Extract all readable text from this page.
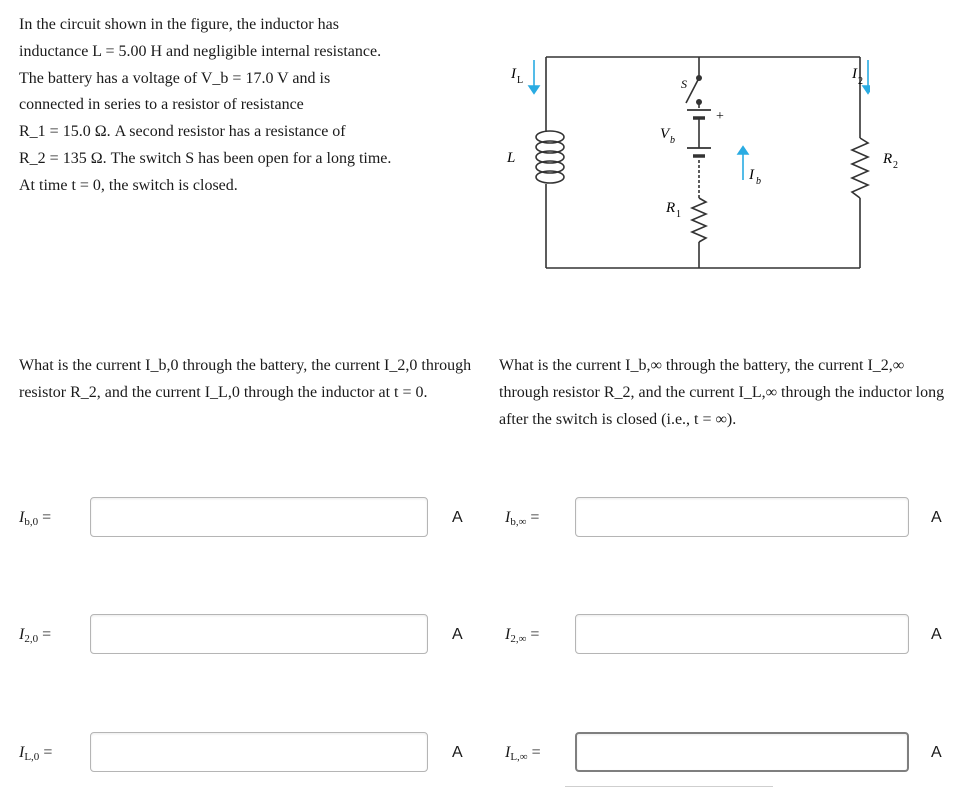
In the circuit shown in the figure, the inductor has
inductance L = 5.00 H and negligible internal resistance.
The battery has a voltage of V_b = 17.0 V and is
connected in series to a resistor of resistance
R_1 = 15.0 Ω. A second resistor has a resistance of
R_2 = 135 Ω. The switch S has been open for a long time.
At time t = 0, the switch is closed.
I L	I 2
S
+
V b
L
I b
R 1
R 2
What is the current I_b,0 through the battery, the current I_2,0 through resistor R_2, and the current I_L,0 through the inductor at t = 0.
What is the current I_b,∞ through the battery, the current I_2,∞ through resistor R_2, and the current I_L,∞ through the inductor long after the switch is closed (i.e., t = ∞).
$I_{b,0}$ =	A
$I_{2,0}$ =	A
$I_{L,0}$ =	A
$I_{b,\infty}$ =	A
$I_{2,\infty}$ =	A
$I_{L,\infty}$ =	A
